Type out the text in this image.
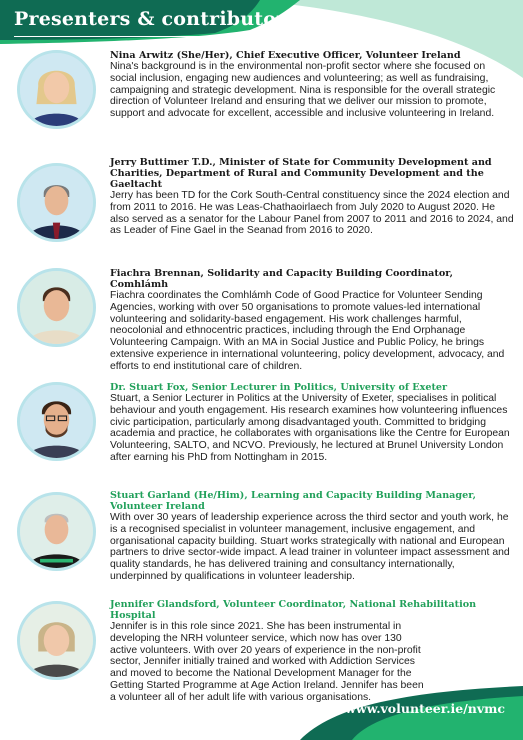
Presenters & contributors
Nina Arwitz (She/Her), Chief Executive Officer, Volunteer Ireland
Nina's background is in the environmental non-profit sector where she focused on social inclusion, engaging new audiences and volunteering; as well as fundraising, campaigning and strategic development. Nina is responsible for the overall strategic direction of Volunteer Ireland and ensuring that we deliver our mission to promote, support and advocate for excellent, accessible and inclusive volunteering in Ireland.
Jerry Buttimer T.D., Minister of State for Community Development and Charities, Department of Rural and Community Development and the Gaeltacht
Jerry has been TD for the Cork South-Central constituency since the 2024 election and from 2011 to 2016. He was Leas-Chathaoirlaech from July 2020 to August 2020. He also served as a senator for the Labour Panel from 2007 to 2011 and 2016 to 2024, and as Leader of Fine Gael in the Seanad from 2016 to 2020.
Fiachra Brennan, Solidarity and Capacity Building Coordinator, Comhlámh
Fiachra coordinates the Comhlámh Code of Good Practice for Volunteer Sending Agencies, working with over 50 organisations to promote values-led international volunteering and solidarity-based engagement. His work challenges harmful, neocolonial and ethnocentric practices, including through the End Orphanage Volunteering Campaign. With an MA in Social Justice and Public Policy, he brings extensive experience in international volunteering, policy development, advocacy, and efforts to end institutional care of children.
Dr. Stuart Fox, Senior Lecturer in Politics, University of Exeter
Stuart, a Senior Lecturer in Politics at the University of Exeter, specialises in political behaviour and youth engagement. His research examines how volunteering influences civic participation, particularly among disadvantaged youth. Committed to bridging academia and practice, he collaborates with organisations like the Centre for European Volunteering, SALTO, and NCVO. Previously, he lectured at Brunel University London after earning his PhD from Nottingham in 2015.
Stuart Garland (He/Him), Learning and Capacity Building Manager, Volunteer Ireland
With over 30 years of leadership experience across the third sector and youth work, he is a recognised specialist in volunteer management, inclusive engagement, and organisational capacity building. Stuart works strategically with national and European partners to drive sector-wide impact. A lead trainer in volunteer impact assessment and quality standards, he has delivered training and consultancy internationally, underpinned by qualifications in volunteer leadership.
Jennifer Glandsford, Volunteer Coordinator, National Rehabilitation Hospital
Jennifer is in this role since 2021. She has been instrumental in developing the NRH volunteer service, which now has over 130 active volunteers. With over 20 years of experience in the non-profit sector, Jennifer initially trained and worked with Addiction Services and moved to become the National Development Manager for the Getting Started Programme at Age Action Ireland. Jennifer has been a volunteer all of her adult life with various organisations.
www.volunteer.ie/nvmc
